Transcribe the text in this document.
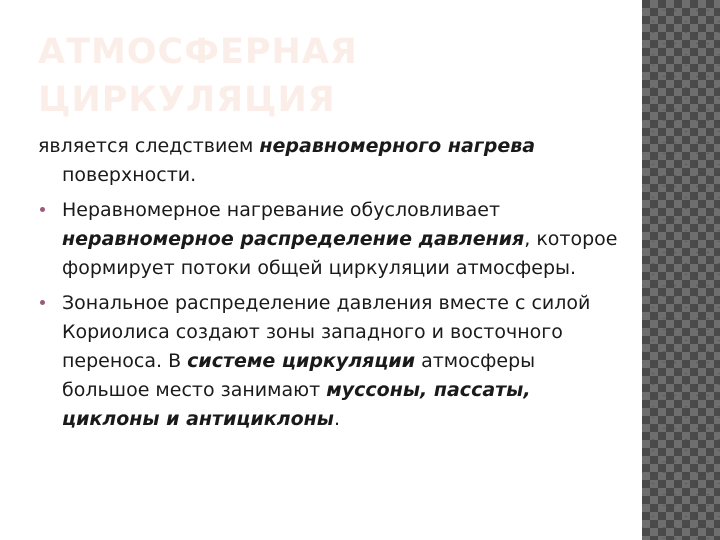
АТМОСФЕРНАЯ
ЦИРКУЛЯЦИЯ

является следствием неравномерного нагрева поверхности.

Неравномерное нагревание обусловливает неравномерное распределение давления, которое формирует потоки общей циркуляции атмосферы.
Зональное распределение давления вместе с силой Кориолиса создают зоны западного и восточного переноса. В системе циркуляции атмосферы большое место занимают муссоны, пассаты, циклоны и антициклоны.
